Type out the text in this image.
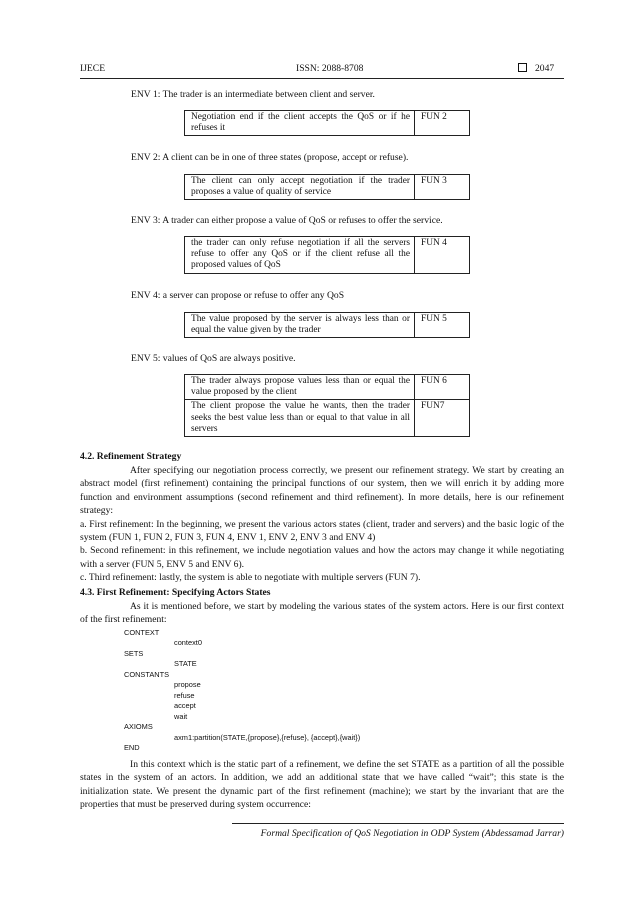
IJECE	ISSN: 2088-8708	2047
ENV 1: The trader is an intermediate between client and server.
Negotiation end if the client accepts the QoS or if he refuses it	FUN 2
ENV 2: A client can be in one of three states (propose, accept or refuse).
The client can only accept negotiation if the trader proposes a value of quality of service	FUN 3
ENV 3: A trader can either propose a value of QoS or refuses to offer the service.
the trader can only refuse negotiation if all the servers refuse to offer any QoS or if the client refuse all the proposed values of QoS	FUN 4
ENV 4: a server can propose or refuse to offer any QoS
The value proposed by the server is always less than or equal the value given by the trader	FUN 5
ENV 5: values of QoS are always positive.
The trader always propose values less than or equal the value proposed by the client	FUN 6
The client propose the value he wants, then the trader seeks the best value less than or equal to that value in all servers	FUN7
4.2. Refinement Strategy
After specifying our negotiation process correctly, we present our refinement strategy. We start by creating an abstract model (first refinement) containing the principal functions of our system, then we will enrich it by adding more function and environment assumptions (second refinement and third refinement). In more details, here is our refinement strategy:
a. First refinement: In the beginning, we present the various actors states (client, trader and servers) and the basic logic of the system (FUN 1, FUN 2, FUN 3, FUN 4, ENV 1, ENV 2, ENV 3 and ENV 4)
b. Second refinement: in this refinement, we include negotiation values and how the actors may change it while negotiating with a server (FUN 5, ENV 5 and ENV 6).
c. Third refinement: lastly, the system is able to negotiate with multiple servers (FUN 7).
4.3. First Refinement: Specifying Actors States
As it is mentioned before, we start by modeling the various states of the system actors. Here is our first context of the first refinement:
CONTEXT
context0
SETS
STATE
CONSTANTS
propose
refuse
accept
wait
AXIOMS
axm1:partition(STATE,{propose},{refuse}, {accept},{wait})
END
In this context which is the static part of a refinement, we define the set STATE as a partition of all the possible states in the system of an actors. In addition, we add an additional state that we have called “wait”; this state is the initialization state. We present the dynamic part of the first refinement (machine); we start by the invariant that are the properties that must be preserved during system occurrence:
Formal Specification of QoS Negotiation in ODP System (Abdessamad Jarrar)
